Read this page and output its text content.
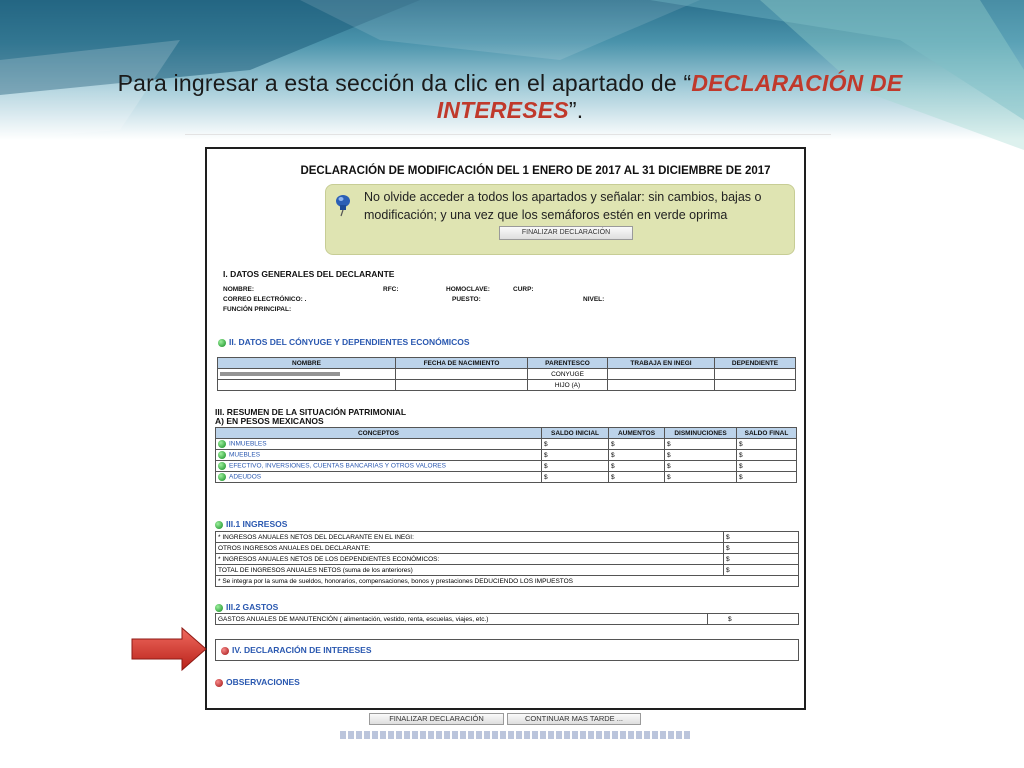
Para ingresar a esta sección da clic en el apartado de “DECLARACIÓN DE INTERESES”.
DECLARACIÓN DE MODIFICACIÓN DEL 1 ENERO DE 2017 AL 31 DICIEMBRE DE 2017
No olvide acceder a todos los apartados y señalar: sin cambios, bajas o modificación; y una vez que los semáforos estén en verde oprima
FINALIZAR DECLARACIÓN
I. DATOS GENERALES DEL DECLARANTE
NOMBRE:	RFC:	HOMOCLAVE:	CURP:
CORREO ELECTRÓNICO: .	PUESTO:	NIVEL:
FUNCIÓN PRINCIPAL:
II. DATOS DEL CÓNYUGE Y DEPENDIENTES ECONÓMICOS
NOMBRE	FECHA DE NACIMIENTO	PARENTESCO	TRABAJA EN INEGI	DEPENDIENTE
		CONYUGE		
		HIJO (A)		
III. RESUMEN DE LA SITUACIÓN PATRIMONIAL
A) EN PESOS MEXICANOS
CONCEPTOS	SALDO INICIAL	AUMENTOS	DISMINUCIONES	SALDO FINAL
INMUEBLES	$	$	$	$
MUEBLES	$	$	$	$
EFECTIVO, INVERSIONES, CUENTAS BANCARIAS Y OTROS VALORES	$	$	$	$
ADEUDOS	$	$	$	$
III.1 INGRESOS
* INGRESOS ANUALES NETOS DEL DECLARANTE EN EL INEGI:	$
OTROS INGRESOS ANUALES DEL DECLARANTE:	$
* INGRESOS ANUALES NETOS DE LOS DEPENDIENTES ECONÓMICOS:	$
TOTAL DE INGRESOS ANUALES NETOS (suma de los anteriores)	$
* Se integra por la suma de sueldos, honorarios, compensaciones, bonos y prestaciones DEDUCIENDO LOS IMPUESTOS	
III.2 GASTOS
GASTOS ANUALES DE MANUTENCIÓN ( alimentación, vestido, renta, escuelas, viajes, etc.)	$
IV. DECLARACIÓN DE INTERESES
OBSERVACIONES
FINALIZAR DECLARACIÓN	CONTINUAR MAS TARDE ...
